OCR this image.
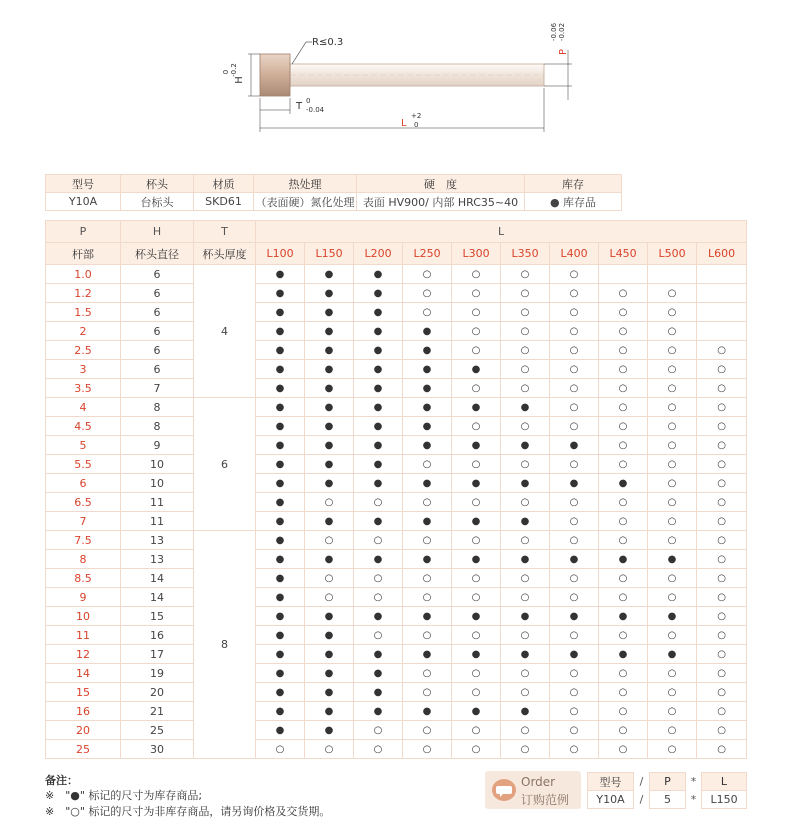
R≤0.3
H
0 -0.2
T 0
-0.04
L
+2
0
P
-0.06 -0.02
型号	杯头	材质	热处理	硬　度	库存
Y10A	台标头	SKD61	（表面硬）氮化处理	表面 HV900/ 内部 HRC35~40	● 库存品
P	H	T	L									
杆部	杯头直径	杯头厚度	L100	L150	L200	L250	L300	L350	L400	L450	L500	L600
1.0	6	4	●	●	●	○	○	○	○			
1.2	6		●	●	●	○	○	○	○	○	○	
1.5	6		●	●	●	○	○	○	○	○	○	
2	6		●	●	●	●	○	○	○	○	○	
2.5	6		●	●	●	●	○	○	○	○	○	○
3	6		●	●	●	●	●	○	○	○	○	○
3.5	7		●	●	●	●	○	○	○	○	○	○
4	8	6	●	●	●	●	●	●	○	○	○	○
4.5	8		●	●	●	●	○	○	○	○	○	○
5	9		●	●	●	●	●	●	●	○	○	○
5.5	10		●	●	●	○	○	○	○	○	○	○
6	10		●	●	●	●	●	●	●	●	○	○
6.5	11		●	○	○	○	○	○	○	○	○	○
7	11		●	●	●	●	●	●	○	○	○	○
7.5	13	8	●	○	○	○	○	○	○	○	○	○
8	13		●	●	●	●	●	●	●	●	●	○
8.5	14		●	○	○	○	○	○	○	○	○	○
9	14		●	○	○	○	○	○	○	○	○	○
10	15		●	●	●	●	●	●	●	●	●	○
11	16		●	●	○	○	○	○	○	○	○	○
12	17		●	●	●	●	●	●	●	●	●	○
14	19		●	●	●	○	○	○	○	○	○	○
15	20		●	●	●	○	○	○	○	○	○	○
16	21		●	●	●	●	●	●	○	○	○	○
20	25		●	●	○	○	○	○	○	○	○	○
25	30		○	○	○	○	○	○	○	○	○	○
备注：
※　"●" 标记的尺寸为库存商品;
※　"○" 标记的尺寸为非库存商品，请另询价格及交货期。
Order
订购范例
型号	/	P	*	L
Y10A	/	5	*	L150
